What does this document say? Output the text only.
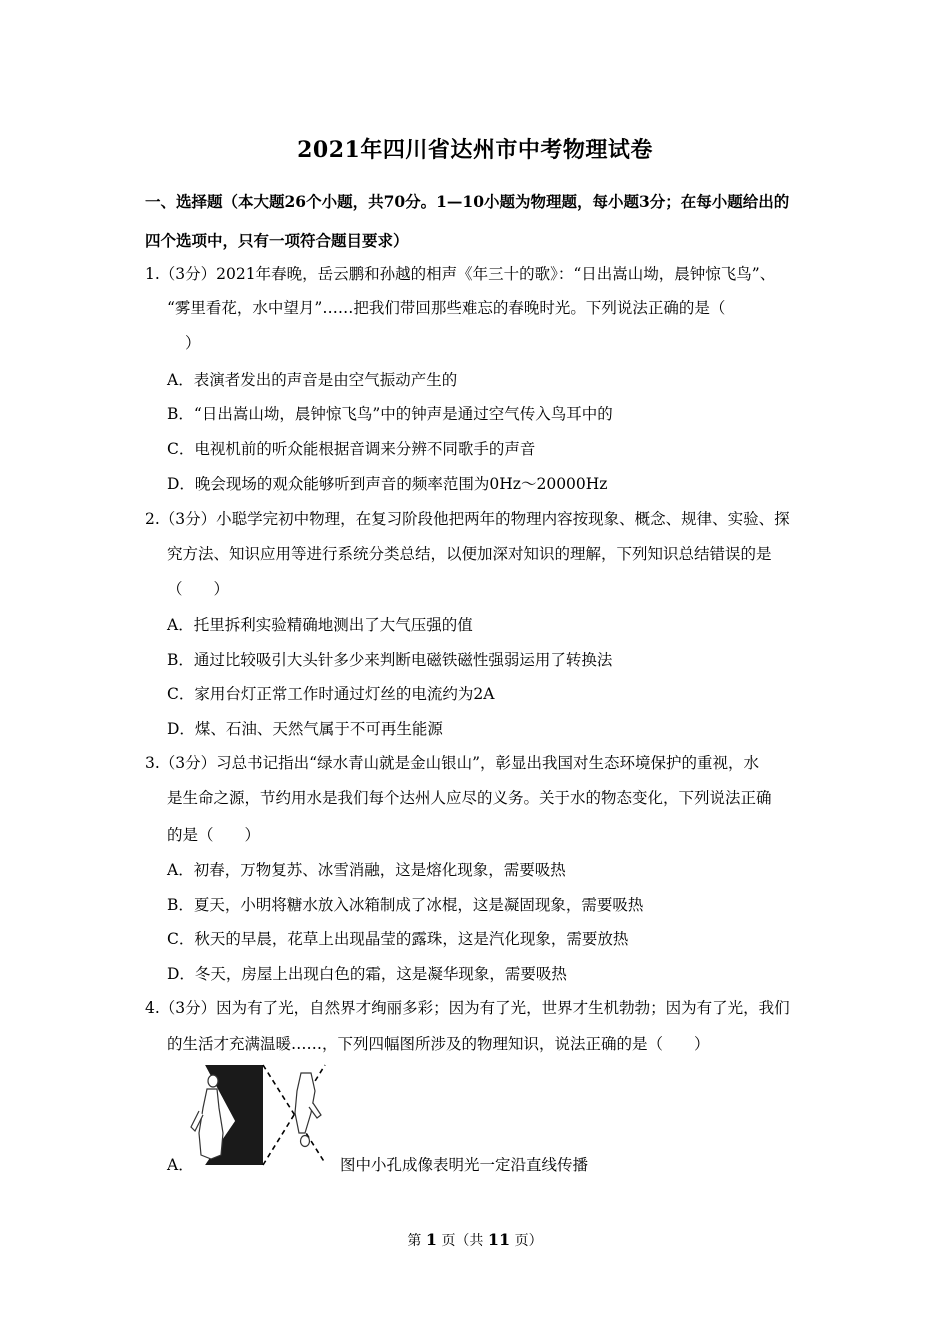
2021年四川省达州市中考物理试卷
一、选择题（本大题26个小题，共70分。1—10小题为物理题，每小题3分；在每小题给出的
四个选项中，只有一项符合题目要求）
1.（3分）2021年春晚，岳云鹏和孙越的相声《年三十的歌》：“日出嵩山坳，晨钟惊飞鸟”、
“雾里看花，水中望月”……把我们带回那些难忘的春晚时光。下列说法正确的是（
）
A．表演者发出的声音是由空气振动产生的
B．“日出嵩山坳，晨钟惊飞鸟”中的钟声是通过空气传入鸟耳中的
C．电视机前的听众能根据音调来分辨不同歌手的声音
D．晚会现场的观众能够听到声音的频率范围为0Hz～20000Hz
2.（3分）小聪学完初中物理，在复习阶段他把两年的物理内容按现象、概念、规律、实验、探
究方法、知识应用等进行系统分类总结，以便加深对知识的理解，下列知识总结错误的是
（　　）
A．托里拆利实验精确地测出了大气压强的值
B．通过比较吸引大头针多少来判断电磁铁磁性强弱运用了转换法
C．家用台灯正常工作时通过灯丝的电流约为2A
D．煤、石油、天然气属于不可再生能源
3.（3分）习总书记指出“绿水青山就是金山银山”，彰显出我国对生态环境保护的重视，水
是生命之源，节约用水是我们每个达州人应尽的义务。关于水的物态变化，下列说法正确
的是（　　）
A．初春，万物复苏、冰雪消融，这是熔化现象，需要吸热
B．夏天，小明将糖水放入冰箱制成了冰棍，这是凝固现象，需要吸热
C．秋天的早晨，花草上出现晶莹的露珠，这是汽化现象，需要放热
D．冬天，房屋上出现白色的霜，这是凝华现象，需要吸热
4.（3分）因为有了光，自然界才绚丽多彩；因为有了光，世界才生机勃勃；因为有了光，我们
的生活才充满温暖……，下列四幅图所涉及的物理知识，说法正确的是（　　）
A．	图中小孔成像表明光一定沿直线传播
第 1 页（共 11 页）
